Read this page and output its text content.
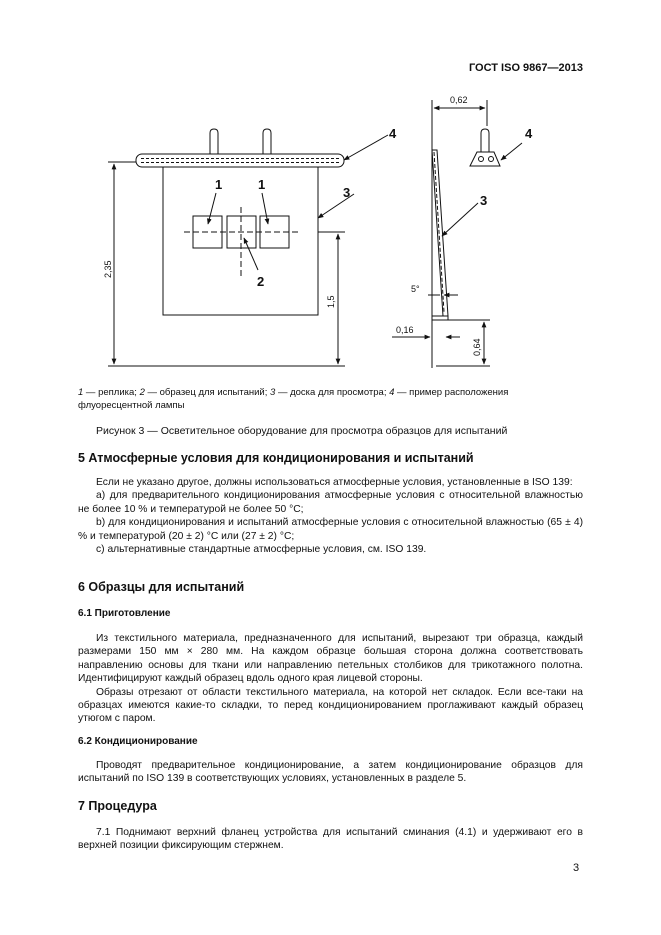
ГОСТ ISO 9867—2013
4
3
1	1
2
2,35
1,5
0,62
4
3
5°
0,16
0,64
1 — реплика; 2 — образец для испытаний; 3 — доска для просмотра; 4 — пример расположения флуоресцентной лампы
Рисунок 3 — Осветительное оборудование для просмотра образцов для испытаний
5 Атмосферные условия для кондиционирования и испытаний

Если не указано другое, должны использоваться атмосферные условия, установленные в ISO 139:

a) для предварительного кондиционирования атмосферные условия с относительной влажностью не более 10 % и температурой не более 50 °С;

b) для кондиционирования и испытаний атмосферные условия с относительной влажностью (65 ± 4) % и температурой (20 ± 2) °С или (27 ± 2) °С;

с) альтернативные стандартные атмосферные условия, см. ISO 139.

6 Образцы для испытаний
6.1 Приготовление

Из текстильного материала, предназначенного для испытаний, вырезают три образца, каждый размерами 150 мм × 280 мм. На каждом образце большая сторона должна соответствовать направлению основы для ткани или направлению петельных столбиков для трикотажного полотна. Идентифицируют каждый образец вдоль одного края лицевой стороны.

Образы отрезают от области текстильного материала, на которой нет складок. Если все-таки на образцах имеются какие-то складки, то перед кондиционированием проглаживают каждый образец утюгом с паром.

6.2 Кондиционирование

Проводят предварительное кондиционирование, а затем кондиционирование образцов для испытаний по ISO 139 в соответствующих условиях, установленных в разделе 5.

7 Процедура

7.1 Поднимают верхний фланец устройства для испытаний сминания (4.1) и удерживают его в верхней позиции фиксирующим стержнем.

3
